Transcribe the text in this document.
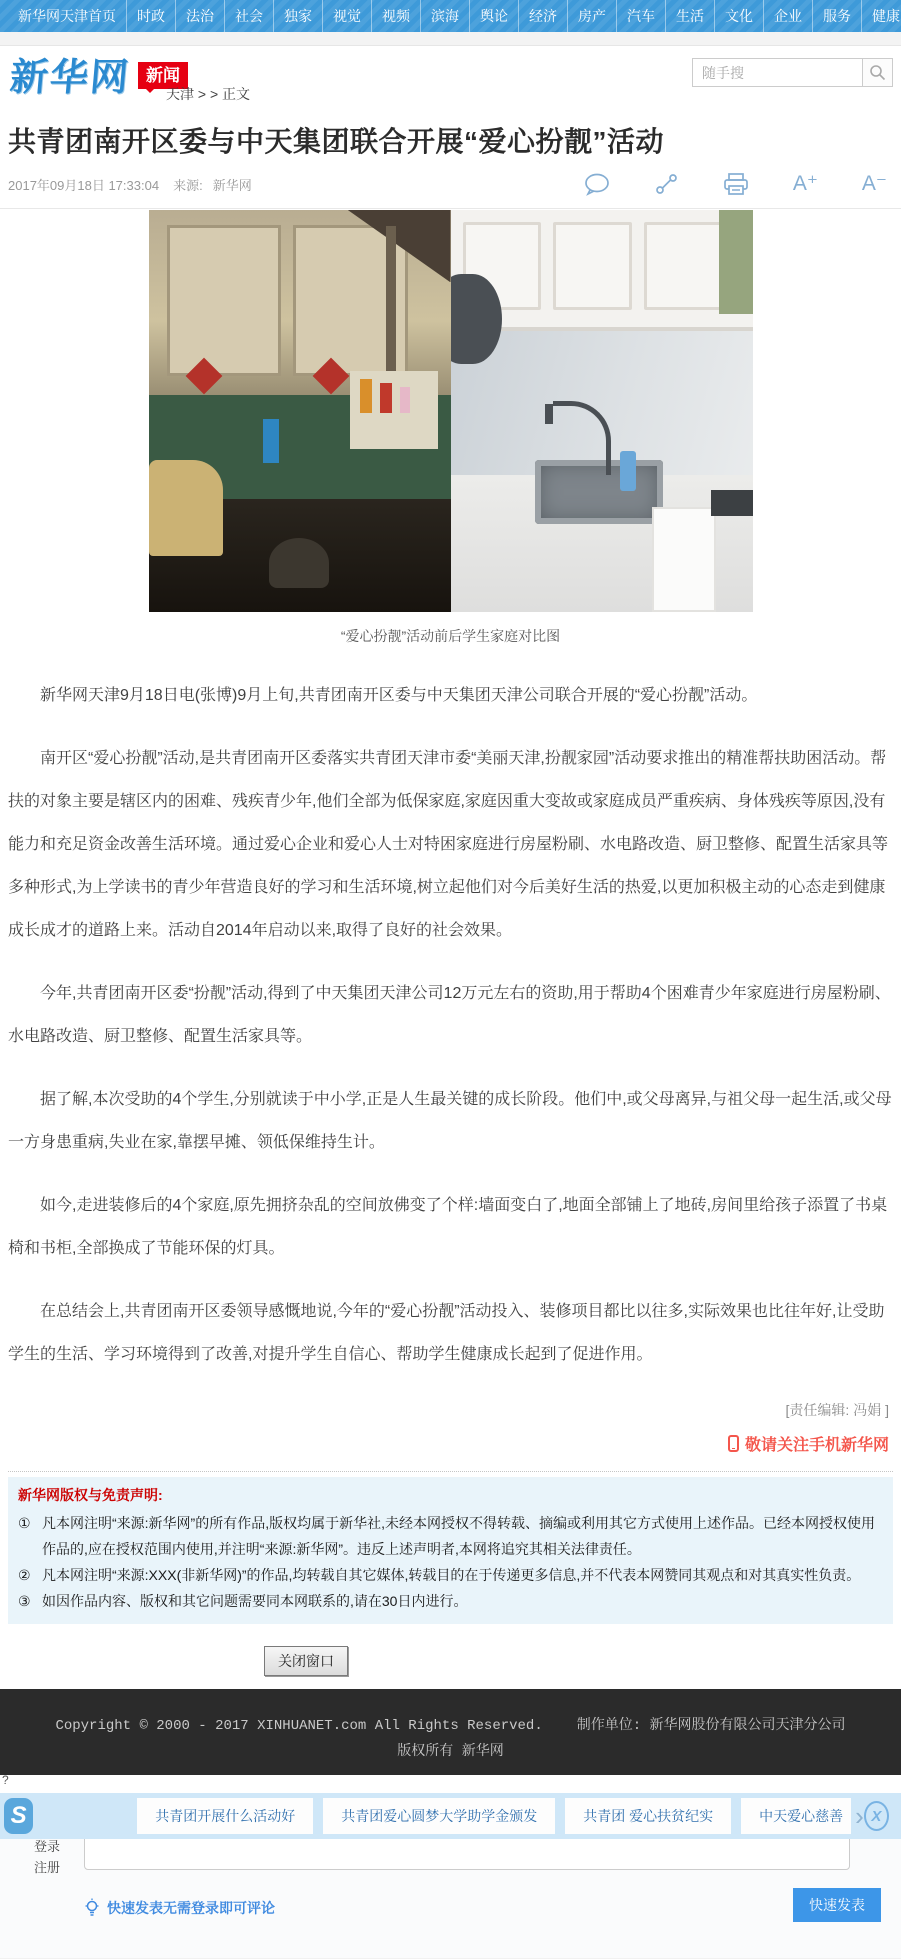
新华网天津首页	时政	法治	社会	独家	视觉	视频	滨海	舆论	经济	房产	汽车	生活	文化	企业	服务	健康
新华网 新闻
天津 > > 正文
随手搜
共青团南开区委与中天集团联合开展“爱心扮靓”活动
2017年09月18日 17:33:04 来源: 新华网	A⁺ A⁻
“爱心扮靓”活动前后学生家庭对比图

新华网天津9月18日电(张博)9月上旬,共青团南开区委与中天集团天津公司联合开展的“爱心扮靓”活动。

南开区“爱心扮靓”活动,是共青团南开区委落实共青团天津市委“美丽天津,扮靓家园”活动要求推出的精准帮扶助困活动。帮扶的对象主要是辖区内的困难、残疾青少年,他们全部为低保家庭,家庭因重大变故或家庭成员严重疾病、身体残疾等原因,没有能力和充足资金改善生活环境。通过爱心企业和爱心人士对特困家庭进行房屋粉刷、水电路改造、厨卫整修、配置生活家具等多种形式,为上学读书的青少年营造良好的学习和生活环境,树立起他们对今后美好生活的热爱,以更加积极主动的心态走到健康成长成才的道路上来。活动自2014年启动以来,取得了良好的社会效果。

今年,共青团南开区委“扮靓”活动,得到了中天集团天津公司12万元左右的资助,用于帮助4个困难青少年家庭进行房屋粉刷、水电路改造、厨卫整修、配置生活家具等。

据了解,本次受助的4个学生,分别就读于中小学,正是人生最关键的成长阶段。他们中,或父母离异,与祖父母一起生活,或父母一方身患重病,失业在家,靠摆早摊、领低保维持生计。

如今,走进装修后的4个家庭,原先拥挤杂乱的空间放佛变了个样:墙面变白了,地面全部铺上了地砖,房间里给孩子添置了书桌椅和书柜,全部换成了节能环保的灯具。

在总结会上,共青团南开区委领导感慨地说,今年的“爱心扮靓”活动投入、装修项目都比以往多,实际效果也比往年好,让受助学生的生活、学习环境得到了改善,对提升学生自信心、帮助学生健康成长起到了促进作用。

[责任编辑: 冯娟 ]
敬请关注手机新华网
新华网版权与免责声明:
① 凡本网注明“来源:新华网”的所有作品,版权均属于新华社,未经本网授权不得转载、摘编或利用其它方式使用上述作品。已经本网授权使用作品的,应在授权范围内使用,并注明“来源:新华网”。违反上述声明者,本网将追究其相关法律责任。
② 凡本网注明“来源:XXX(非新华网)”的作品,均转载自其它媒体,转载目的在于传递更多信息,并不代表本网赞同其观点和对其真实性负责。
③ 如因作品内容、版权和其它问题需要同本网联系的,请在30日内进行。
关闭窗口
登录
注册
您的观点仅代表您本人,请文明发言,严禁散播谣言和诽谤他人
快速发表无需登录即可评论	快速发表
Copyright © 2000 - 2017 XINHUANET.com All Rights Reserved. 制作单位: 新华网股份有限公司天津分公司
版权所有 新华网
?
S	共青团开展什么活动好	共青团爱心圆梦大学助学金颁发	共青团 爱心扶贫纪实	中天爱心慈善 › X
